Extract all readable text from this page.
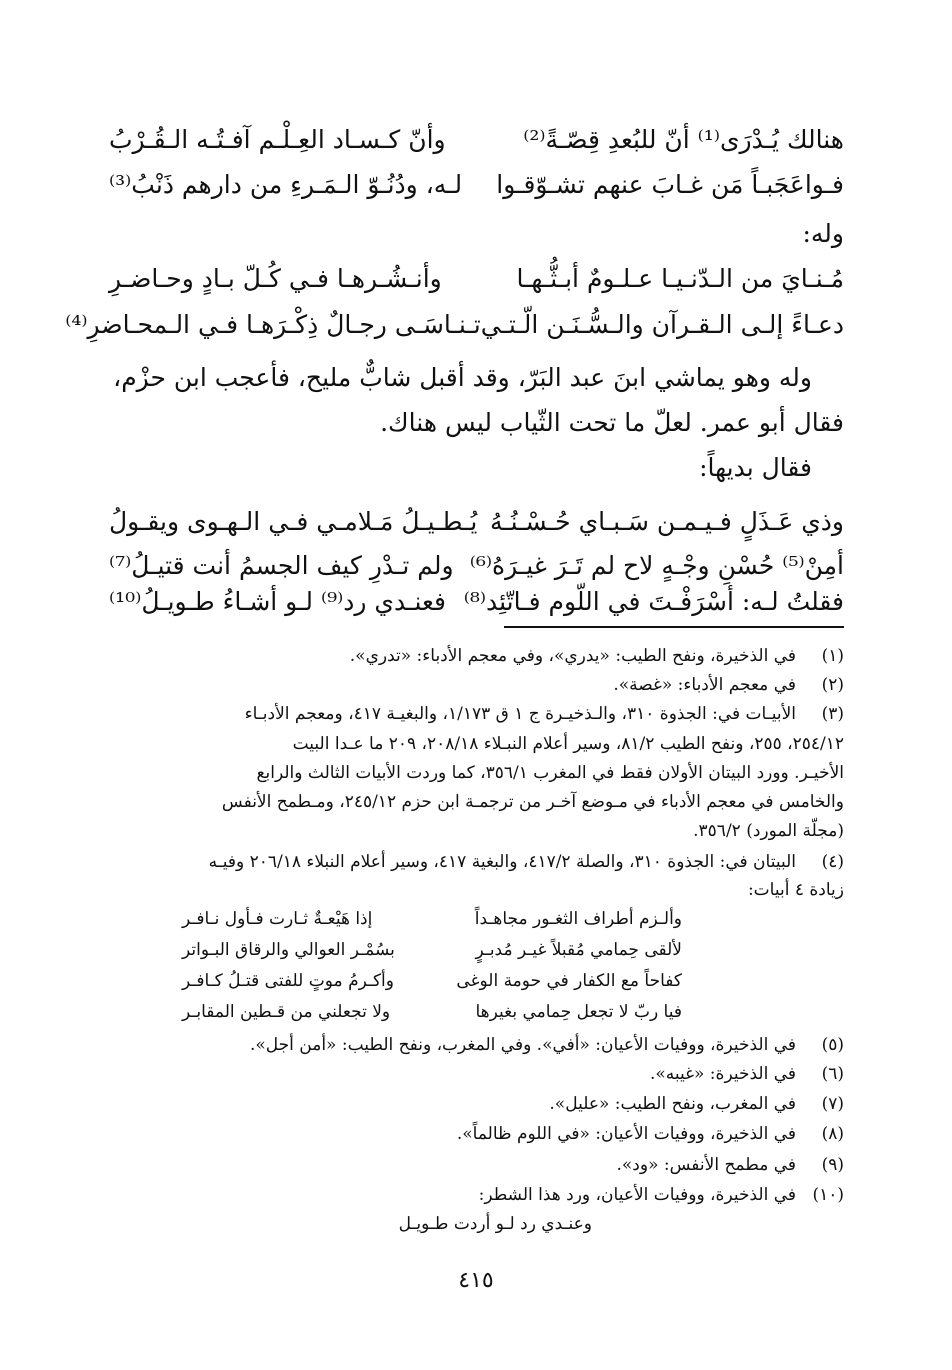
هنالك يُـدْرَى⁽¹⁾ أنّ للبُعدِ قِصّـةً⁽²⁾
وأنّ كـسـاد العِـلْـم آفـتُـه الـقُـرْبُ
فـواعَجَبـاً مَن غـابَ عنهم تشـوّقـوا
لـه، ودُنُـوّ الـمَـرءِ من دارهم ذَنْبُ⁽³⁾
وله:
مُـنـايَ من الـدّنـيـا عـلـومٌ أبـثُّـهـا
وأنـشُـرهـا فـي كُـلّ بـادٍ وحـاضـرِ
دعـاءً إلـى الـقـرآن والـسُّـنَـن الّـتـي
تـنـاسَـى رجـالٌ ذِكْـرَهـا فـي الـمحـاضرِ⁽⁴⁾
وله وهو يماشي ابنَ عبد البَرّ، وقد أقبل شابٌّ مليح، فأعجب ابن حزْم،
فقال أبو عمر. لعلّ ما تحت الثّياب ليس هناك.
فقال بديهاً:
وذي عَـذَلٍ فـيـمـن سَـبـاي حُـسْـنُـهُ
يُـطـيـلُ مَـلامـي فـي الـهـوى ويقـولُ
أمِنْ⁽⁵⁾ حُسْنِ وجْـهٍ لاح لم تَـرَ غيـرَهُ⁽⁶⁾
ولم تـدْرِ كيف الجسمُ أنت قتيـلُ⁽⁷⁾
فقلتُ لـه: أسْرَفْـتَ في اللّوم فـاتّئِد⁽⁸⁾
فعنـدي رد⁽⁹⁾ لـو أشـاءُ طـويـلُ⁽¹⁰⁾
(١)
في الذخيرة، ونفح الطيب: «يدري»، وفي معجم الأدباء: «تدري».
(٢)
في معجم الأدباء: «غصة».
(٣)
الأبيـات في: الجذوة ٣١٠، والـذخيـرة ج ١ ق ١/١٧٣، والبغيـة ٤١٧، ومعجم الأدبـاء
٢٥٤/١٢، ٢٥٥، ونفح الطيب ٨١/٢، وسير أعلام النبـلاء ٢٠٨/١٨، ٢٠٩ ما عـدا البيت
الأخيـر. وورد البيتان الأولان فقط في المغرب ٣٥٦/١، كما وردت الأبيات الثالث والرابع
والخامس في معجم الأدباء في مـوضع آخـر من ترجمـة ابن حزم ٢٤٥/١٢، ومـطمح الأنفس
(مجلّة المورد) ٣٥٦/٢.
(٤)
البيتان في: الجذوة ٣١٠، والصلة ٤١٧/٢، والبغية ٤١٧، وسير أعلام النبلاء ٢٠٦/١٨ وفيـه
زيادة ٤ أبيات:
وألـزم أطراف الثغـور مجاهـداً
إذا هَيْعـةٌ ثـارت فـأول نـافـر
لألقى حِمامي مُقبلاً غيـر مُدبـرٍ
بسُمْـر العوالي والرقاق البـواتر
كفاحاً مع الكفار في حومة الوغى
وأكـرمُ موتٍ للفتى قتـلُ كـافـر
فيا ربّ لا تجعل حِمامي بغيرها
ولا تجعلني من قـطين المقابـر
(٥)
في الذخيرة، ووفيات الأعيان: «أفي». وفي المغرب، ونفح الطيب: «أمن أجل».
(٦)
في الذخيرة: «غيبه».
(٧)
في المغرب، ونفح الطيب: «عليل».
(٨)
في الذخيرة، ووفيات الأعيان: «في اللوم ظالماً».
(٩)
في مطمح الأنفس: «ود».
(١٠)
في الذخيرة، ووفيات الأعيان، ورد هذا الشطر:
وعنـدي رد لـو أردت طـويـل
٤١٥
